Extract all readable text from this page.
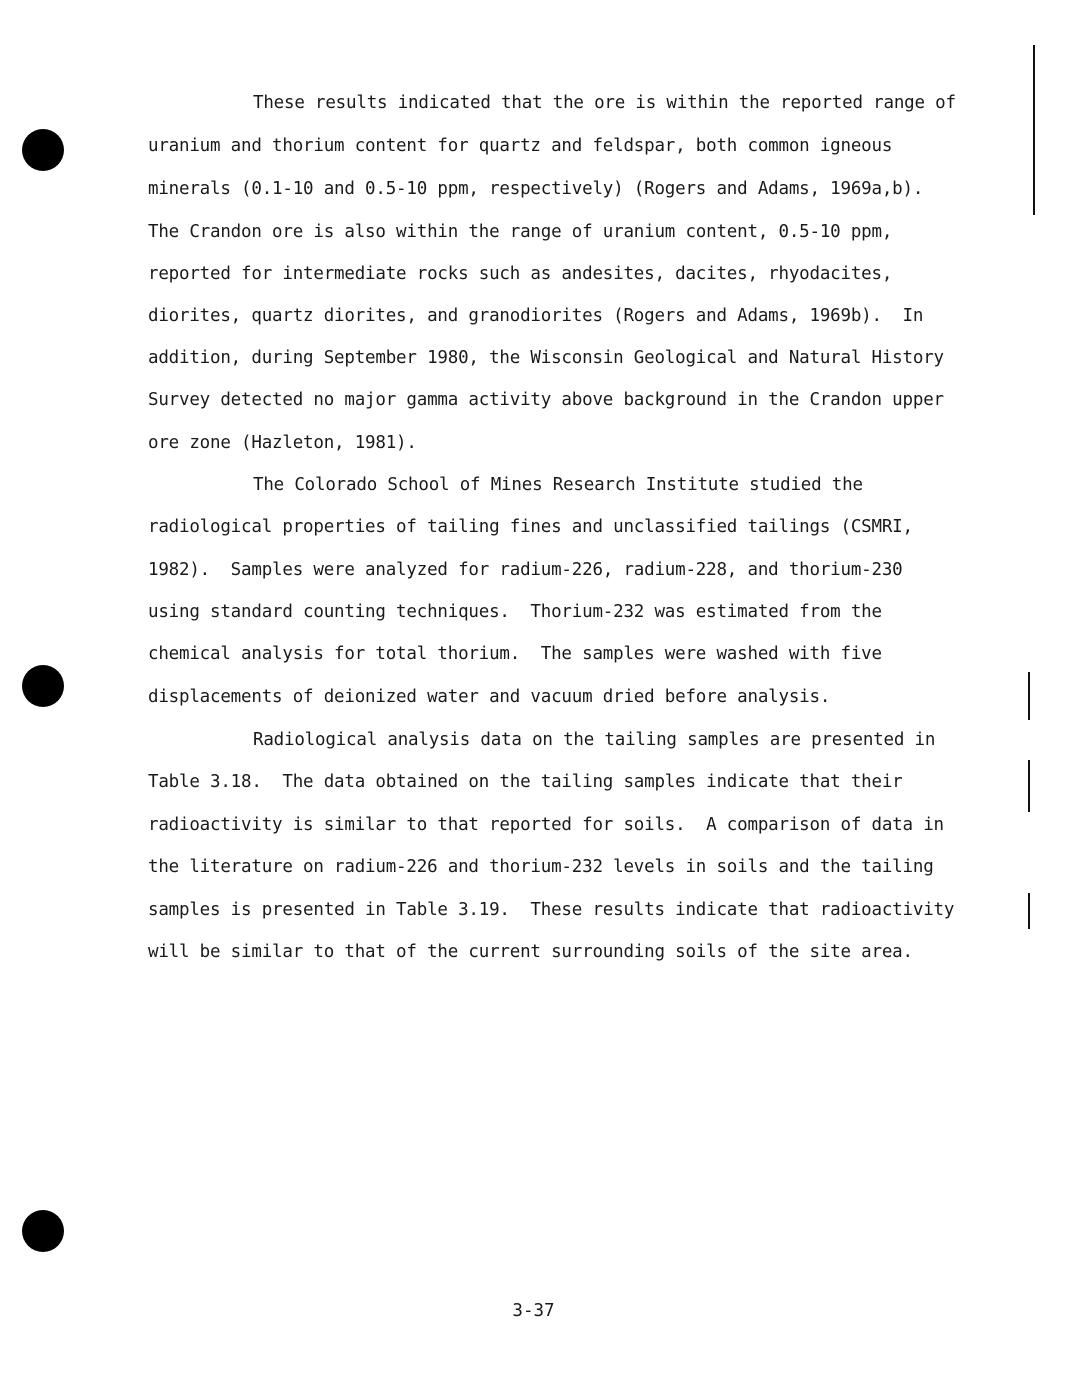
These results indicated that the ore is within the reported range of
uranium and thorium content for quartz and feldspar, both common igneous
minerals (0.1-10 and 0.5-10 ppm, respectively) (Rogers and Adams, 1969a,b).
The Crandon ore is also within the range of uranium content, 0.5-10 ppm,
reported for intermediate rocks such as andesites, dacites, rhyodacites,
diorites, quartz diorites, and granodiorites (Rogers and Adams, 1969b).  In
addition, during September 1980, the Wisconsin Geological and Natural History
Survey detected no major gamma activity above background in the Crandon upper
ore zone (Hazleton, 1981).
The Colorado School of Mines Research Institute studied the
radiological properties of tailing fines and unclassified tailings (CSMRI,
1982).  Samples were analyzed for radium-226, radium-228, and thorium-230
using standard counting techniques.  Thorium-232 was estimated from the
chemical analysis for total thorium.  The samples were washed with five
displacements of deionized water and vacuum dried before analysis.
Radiological analysis data on the tailing samples are presented in
Table 3.18.  The data obtained on the tailing samples indicate that their
radioactivity is similar to that reported for soils.  A comparison of data in
the literature on radium-226 and thorium-232 levels in soils and the tailing
samples is presented in Table 3.19.  These results indicate that radioactivity
will be similar to that of the current surrounding soils of the site area.
3-37
